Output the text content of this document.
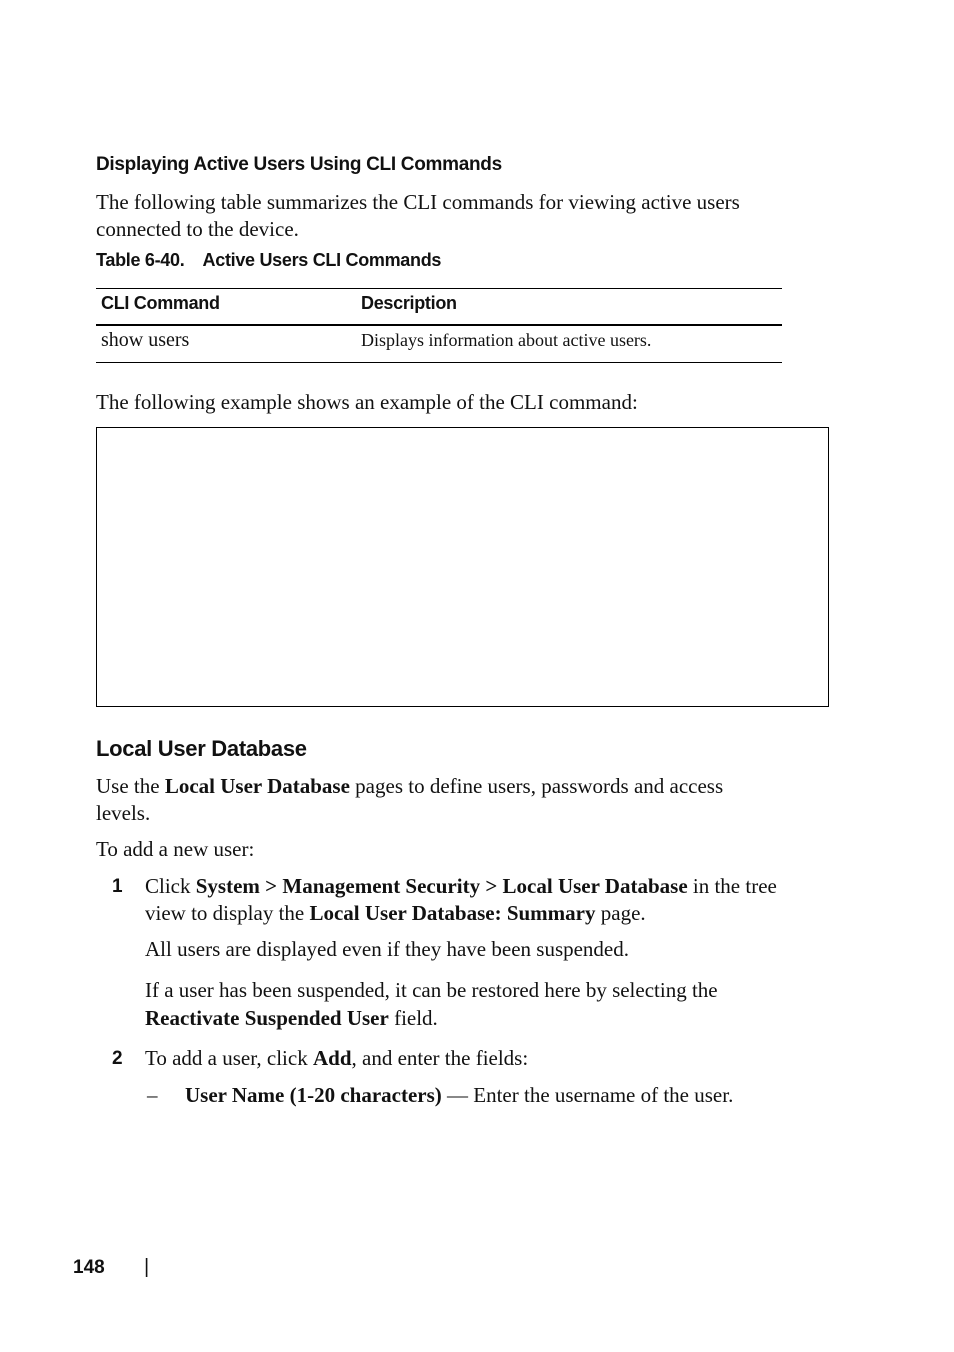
Displaying Active Users Using CLI Commands
The following table summarizes the CLI commands for viewing active users
connected to the device.
Table 6-40.    Active Users CLI Commands
CLI Command	Description
show users	Displays information about active users.
The following example shows an example of the CLI command:
Local User Database
Use the Local User Database pages to define users, passwords and access
levels.
To add a new user:
1 Click System > Management Security > Local User Database in the tree
view to display the Local User Database: Summary page.
All users are displayed even if they have been suspended.
If a user has been suspended, it can be restored here by selecting the
Reactivate Suspended User field.
2 To add a user, click Add, and enter the fields:
– User Name (1-20 characters) — Enter the username of the user.
148 |
